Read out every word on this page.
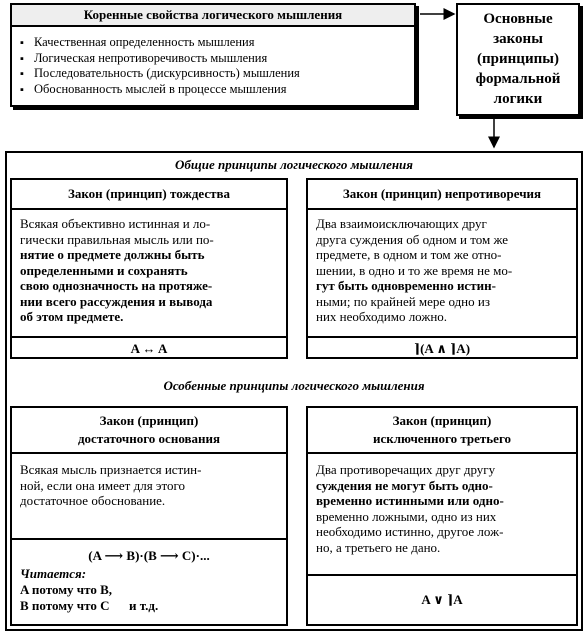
Коренные свойства логического мышления
▪ Качественная определенность мышления
▪ Логическая непротиворечивость мышления
▪ Последовательность (дискурсивность) мышления
▪ Обоснованность мыслей в процессе мышления
Основные
законы
(принципы)
формальной
логики
Общие принципы логического мышления
Закон (принцип) тождества
Всякая объективно истинная и ло-
гически правильная мысль или по-
нятие о предмете должны быть
определенными и сохранять
свою однозначность на протяже-
нии всего рассуждения и вывода
об этом предмете.
A ↔ A
Закон (принцип) непротиворечия
Два взаимоисключающих друг
друга суждения об одном и том же
предмете, в одном и том же отно-
шении, в одно и то же время не мо-
гут быть одновременно истин-
ными; по крайней мере одно из
них необходимо ложно.
⌉(A ∧ ⌉A)
Особенные принципы логического мышления
Закон (принцип)
достаточного основания
Всякая мысль признается истин-
ной, если она имеет для этого
достаточное обоснование.
(A ⟶ B)·(B ⟶ C)·...
Читается:
A потому что B,
B потому что C      и т.д.
Закон (принцип)
исключенного третьего
Два противоречащих друг другу
суждения не могут быть одно-
временно истинными или одно-
временно ложными, одно из них
необходимо истинно, другое лож-
но, а третьего не дано.
A ∨ ⌉A
